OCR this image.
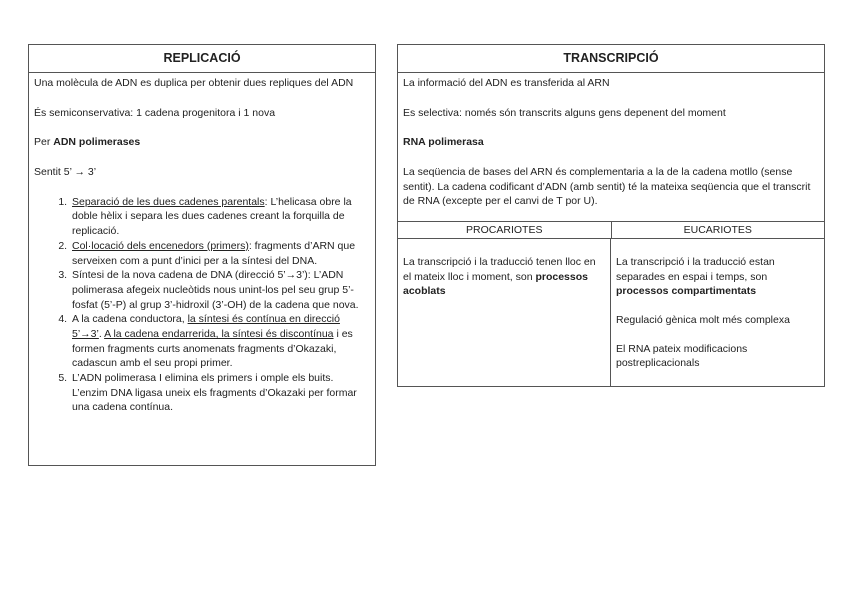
REPLICACIÓ

Una molècula de ADN es duplica per obtenir dues repliques del ADN

És semiconservativa: 1 cadena progenitora i 1 nova

Per ADN polimerases

Sentit 5’ → 3’

1. Separació de les dues cadenes parentals: L’helicasa obre la doble hèlix i separa les dues cadenes creant la forquilla de replicació.
2. Col·locació dels encenedors (primers): fragments d’ARN que serveixen com a punt d’inici per a la síntesi del DNA.
3. Síntesi de la nova cadena de DNA (direcció 5’→3’): L’ADN polimerasa afegeix nucleòtids nous unint-los pel seu grup 5’-fosfat (5’-P) al grup 3’-hidroxil (3’-OH) de la cadena que nova.
4. A la cadena conductora, la síntesi és contínua en direcció 5’→3’. A la cadena endarrerida, la síntesi és discontínua i es formen fragments curts anomenats fragments d’Okazaki, cadascun amb el seu propi primer.
5. L’ADN polimerasa I elimina els primers i omple els buits. L’enzim DNA ligasa uneix els fragments d’Okazaki per formar una cadena contínua.
TRANSCRIPCIÓ

La informació del ADN es transferida al ARN

Es selectiva: només són transcrits alguns gens depenent del moment

RNA polimerasa

La seqüencia de bases del ARN és complementaria a la de la cadena motllo (sense sentit). La cadena codificant d’ADN (amb sentit) té la mateixa seqüencia que el transcrit de RNA (excepte per el canvi de T por U).

PROCARIOTES	EUCARIOTES

La transcripció i la traducció tenen lloc en el mateix lloc i moment, son processos acoblats

La transcripció i la traducció estan separades en espai i temps, son processos compartimentats

Regulació gènica molt més complexa

El RNA pateix modificacions postreplicacionals
